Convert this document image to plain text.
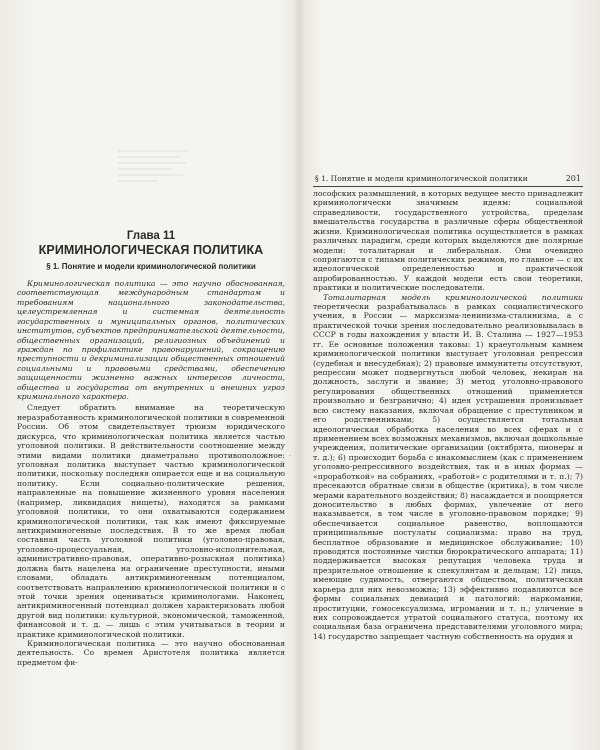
·
Глава 11
КРИМИНОЛОГИЧЕСКАЯ ПОЛИТИКА
§ 1. Понятие и модели криминологической политики

Криминологическая политика — это научно обоснованная, соответствующая международным стандартам и требованиям национального законодательства, целеустремленная и системная деятельность государственных и муниципальных органов, политических институтов, субъектов предпринимательской деятельности, общественных организаций, религиозных объединений и граждан по профилактике правонарушений, сокращению преступности и декриминализации общественных отношений социальными и правовыми средствами, обеспечению защищенности жизненно важных интересов личности, общества и государства от внутренних и внешних угроз криминального характера.

Следует обратить внимание на теоретическую неразработанность криминологической политики в современной России. Об этом свидетельствует трюизм юридического дискурса, что криминологическая политика является частью уголовной политики. В действительности соотношение между этими видами политики диаметрально противоположное: уголовная политика выступает частью криминологической политики, поскольку последняя опирается еще и на социальную политику. Если социально-политические решения, направленные на повышение жизненного уровня населения (например, ликвидация нищеты), находятся за рамками уголовной политики, то они охватываются содержанием криминологической политики, так как имеют фиксируемые антикриминогенные последствия. В то же время любая составная часть уголовной политики (уголовно-правовая, уголовно-процессуальная, уголовно-исполнительная, административно-правовая, оперативно-розыскная политика) должна быть нацелена на ограничение преступности, иными словами, обладать антикриминогенным потенциалом, соответствовать направлению криминологической политики и с этой точки зрения оцениваться криминологами. Наконец, антикриминогенный потенциал должен характеризовать любой другой вид политики: культурной, экономической, таможенной, финансовой и т. д. — лишь с этим учитываться в теории и практике криминологической политики.

Криминологическая политика — это научно обоснованная деятельность. Со времен Аристотеля политика является предметом фи-

§ 1. Понятие и модели криминологической политики	201

лософских размышлений, в которых ведущее место принадлежит криминологически значимым идеям: социальной справедливости, государственного устройства, пределам вмешательства государства в различные сферы общественной жизни. Криминологическая политика осуществляется в рамках различных парадигм, среди которых выделяются две полярные модели: тоталитарная и либеральная. Они очевидно сопрягаются с типами политических режимов, но главное — с их идеологической определенностью и практической апробированностью. У каждой модели есть свои теоретики, практики и политические последователи.

Тоталитарная модель криминологической политики теоретически разрабатывалась в рамках социалистического учения, в России — марксизма-ленинизма-сталинизма, а с практической точки зрения последовательно реализовывалась в СССР в годы нахождения у власти И. В. Сталина — 1927—1953 гг. Ее основные положения таковы: 1) краеугольным камнем криминологической политики выступает уголовная репрессия (судебная и внесудебная); 2) правовые иммунитеты отсутствуют, репрессии может подвергнуться любой человек, некиран на должность, заслуги и звание; 3) метод уголовно-правового регулирования общественных отношений применяется произвольно и безгранично; 4) идея устрашения пронизывает всю систему наказания, включая обращение с преступником и его родственниками; 5) осуществляется тотальная идеологическая обработка населения во всех сферах и с применением всех возможных механизмов, включая дошкольные учреждения, политические организации (октябрята, пионеры и т. д.); 6) происходит борьба с инакомыслием (как с применением уголовно-репрессивного воздействия, так и в иных формах — «проработкой» на собраниях, «работой» с родителями и т. п.); 7) пресекаются обратные связи в обществе (критика), в том числе мерами карательного воздействия; 8) насаждается и поощряется доносительство в любых формах, увлечение от него наказывается, в том числе в уголовно-правовом порядке; 9) обеспечивается социальное равенство, воплощаются принципиальные постулаты социализма: право на труд, бесплатное образование и медицинское обслуживание; 10) проводятся постоянные чистки бюрократического аппарата; 11) поддерживается высокая репутация человека труда и презрительное отношение к спекулянтам и дельцам; 12) лица, имеющие судимость, отвергаются обществом, политическая карьера для них невозможна; 13) эффективно подавляются все формы социальных девиаций и патологий: наркомании, проституции, гомосексуализма, игромании и т. п.; уличение в них сопровождается утратой социального статуса, поэтому их социальная база ограничена представителями уголовного мира; 14) государство запрещает частную собственность на орудия и
